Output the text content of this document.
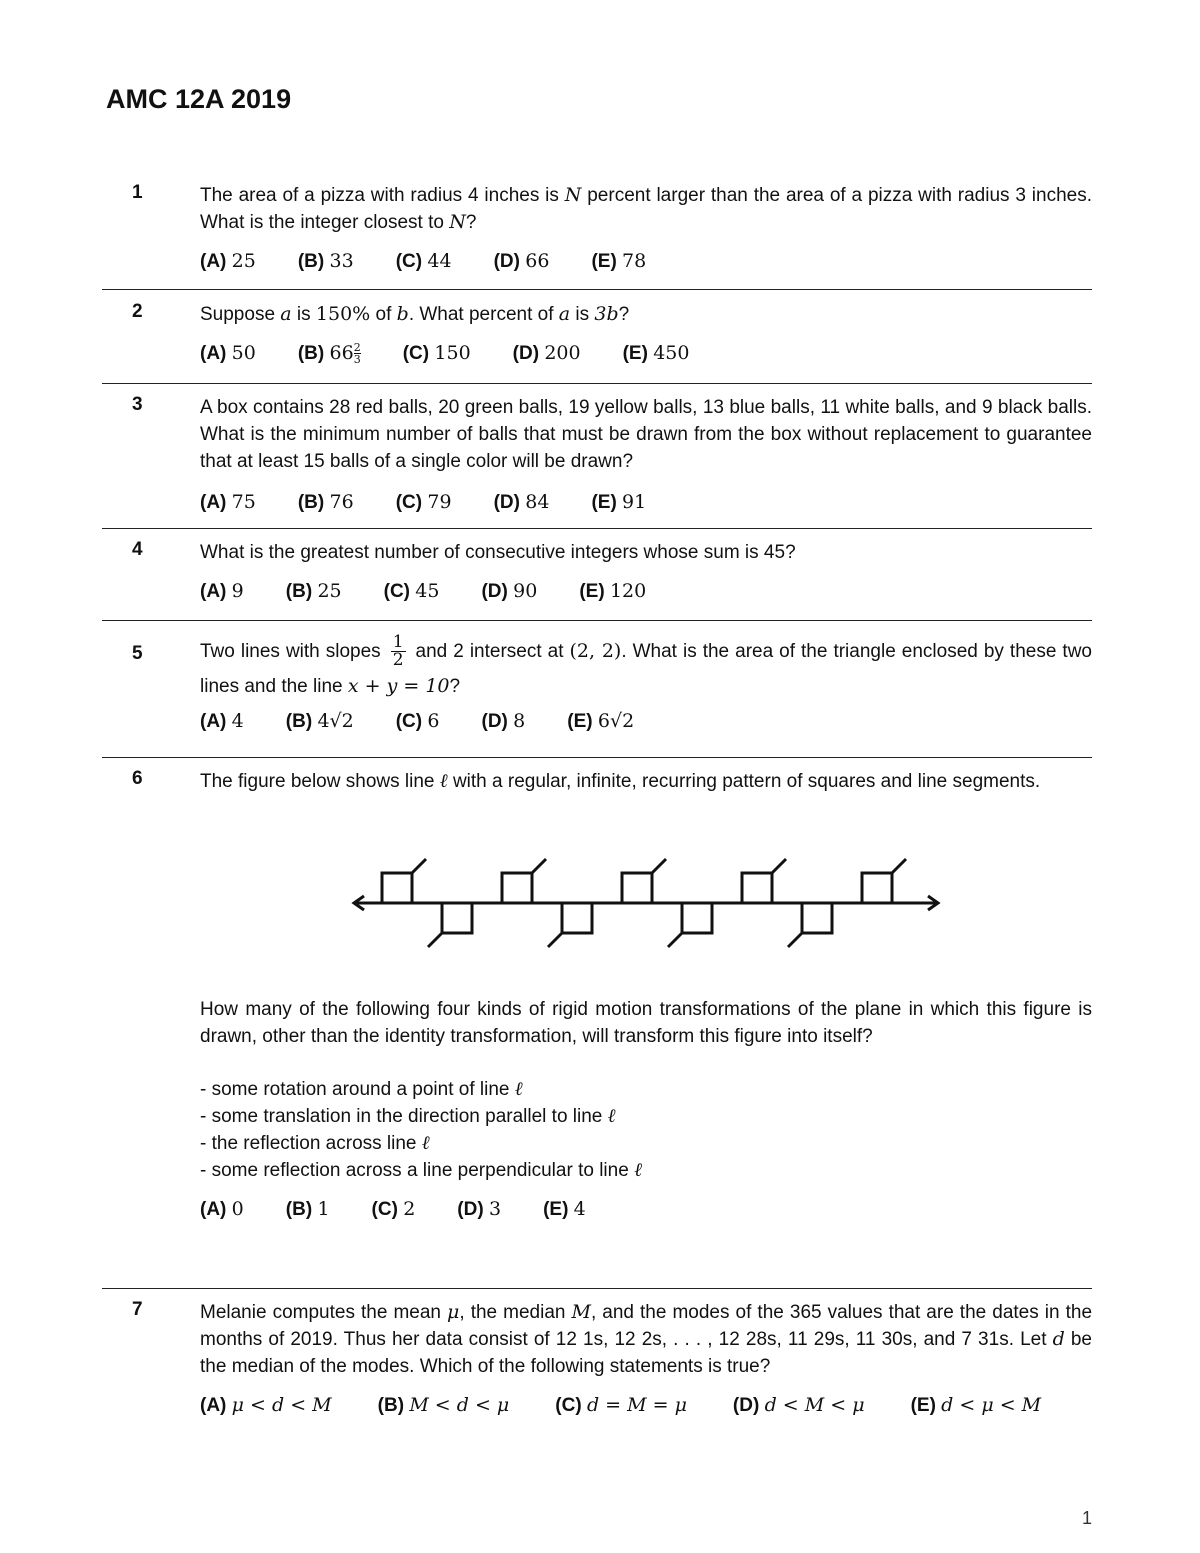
AMC 12A 2019
1	The area of a pizza with radius 4 inches is N percent larger than the area of a pizza with radius 3 inches. What is the integer closest to N?

(A) 25 (B) 33 (C) 44 (D) 66 (E) 78
2	Suppose a is 150% of b. What percent of a is 3b?

(A) 50 (B) $66 \frac{2}{3} (C)$ 150 (D) 200 (E) 450
3	A box contains 28 red balls, 20 green balls, 19 yellow balls, 13 blue balls, 11 white balls, and 9 black balls. What is the minimum number of balls that must be drawn from the box without replacement to guarantee that at least 15 balls of a single color will be drawn?

(A) 75 (B) 76 (C) 79 (D) 84 (E) 91
4	What is the greatest number of consecutive integers whose sum is 45?

(A) 9 (B) 25 (C) 45 (D) 90 (E) 120
5	Two lines with slopes $\frac{1}{2}$ and 2 intersect at (2, 2). What is the area of the triangle enclosed by these two lines and the line x + y = 10?

(A) 4 (B) 4√2 (C) 6 (D) 8 (E) 6√2
6	The figure below shows line ℓ with a regular, infinite, recurring pattern of squares and line segments.

How many of the following four kinds of rigid motion transformations of the plane in which this figure is drawn, other than the identity transformation, will transform this figure into itself?

- some rotation around a point of line ℓ

- some translation in the direction parallel to line ℓ

- the reflection across line ℓ

- some reflection across a line perpendicular to line ℓ

(A) 0 (B) 1 (C) 2 (D) 3 (E) 4
7	Melanie computes the mean μ, the median M, and the modes of the 365 values that are the dates in the months of 2019. Thus her data consist of 12 1s, 12 2s, . . . , 12 28s, 11 29s, 11 30s, and 7 31s. Let d be the median of the modes. Which of the following statements is true?

(A) μ < d < M (B) M < d < μ (C) d = M = μ (D) d < M < μ (E) d < μ < M
1
